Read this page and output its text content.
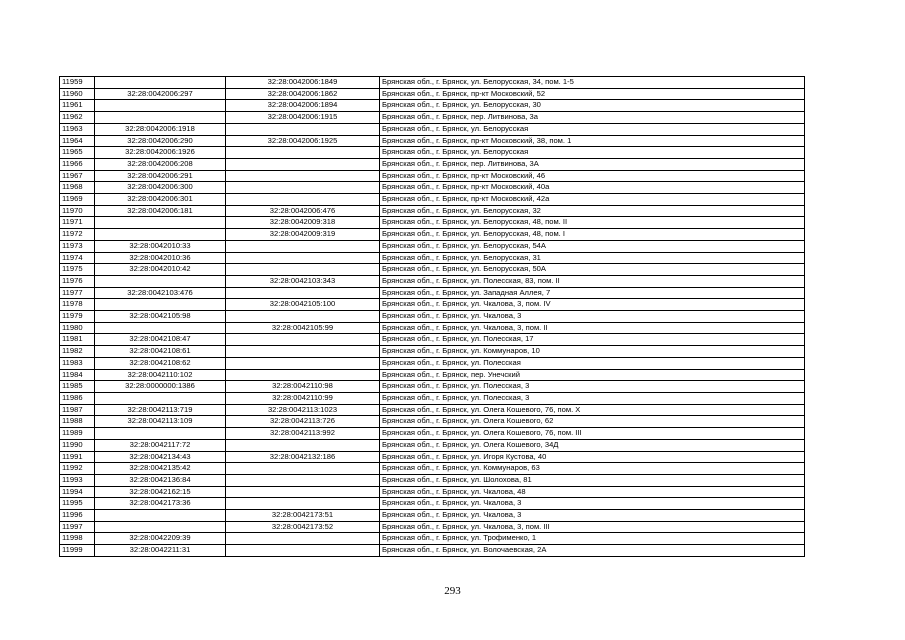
11959		32:28:0042006:1849	Брянская обл., г. Брянск, ул. Белорусская, 34, пом. 1-5
11960	32:28:0042006:297	32:28:0042006:1862	Брянская обл., г. Брянск, пр-кт Московский, 52
11961		32:28:0042006:1894	Брянская обл., г. Брянск, ул. Белорусская, 30
11962		32:28:0042006:1915	Брянская обл., г. Брянск, пер. Литвинова, 3а
11963	32:28:0042006:1918		Брянская обл., г. Брянск, ул. Белорусская
11964	32:28:0042006:290	32:28:0042006:1925	Брянская обл., г. Брянск, пр-кт Московский, 38, пом. 1
11965	32:28:0042006:1926		Брянская обл., г. Брянск, ул. Белорусская
11966	32:28:0042006:208		Брянская обл., г. Брянск, пер. Литвинова, 3А
11967	32:28:0042006:291		Брянская обл., г. Брянск, пр-кт Московский, 46
11968	32:28:0042006:300		Брянская обл., г. Брянск, пр-кт Московский, 40а
11969	32:28:0042006:301		Брянская обл., г. Брянск, пр-кт Московский, 42а
11970	32:28:0042006:181	32:28:0042006:476	Брянская обл., г. Брянск, ул. Белорусская, 32
11971		32:28:0042009:318	Брянская обл., г. Брянск, ул. Белорусская, 48, пом. II
11972		32:28:0042009:319	Брянская обл., г. Брянск, ул. Белорусская, 48, пом. I
11973	32:28:0042010:33		Брянская обл., г. Брянск, ул. Белорусская, 54А
11974	32:28:0042010:36		Брянская обл., г. Брянск, ул. Белорусская, 31
11975	32:28:0042010:42		Брянская обл., г. Брянск, ул. Белорусская, 50А
11976		32:28:0042103:343	Брянская обл., г. Брянск, ул. Полесская, 83, пом. II
11977	32:28:0042103:476		Брянская обл., г. Брянск, ул. Западная Аллея, 7
11978		32:28:0042105:100	Брянская обл., г. Брянск, ул. Чкалова, 3, пом. IV
11979	32:28:0042105:98		Брянская обл., г. Брянск, ул. Чкалова, 3
11980		32:28:0042105:99	Брянская обл., г. Брянск, ул. Чкалова, 3, пом. II
11981	32:28:0042108:47		Брянская обл., г. Брянск, ул. Полесская, 17
11982	32:28:0042108:61		Брянская обл., г. Брянск, ул. Коммунаров, 10
11983	32:28:0042108:62		Брянская обл., г. Брянск, ул. Полесская
11984	32:28:0042110:102		Брянская обл., г. Брянск, пер. Унечский
11985	32:28:0000000:1386	32:28:0042110:98	Брянская обл., г. Брянск, ул. Полесская, 3
11986		32:28:0042110:99	Брянская обл., г. Брянск, ул. Полесская, 3
11987	32:28:0042113:719	32:28:0042113:1023	Брянская обл., г. Брянск, ул. Олега Кошевого, 76, пом. X
11988	32:28:0042113:109	32:28:0042113:726	Брянская обл., г. Брянск, ул. Олега Кошевого, 62
11989		32:28:0042113:992	Брянская обл., г. Брянск, ул. Олега Кошевого, 76, пом. III
11990	32:28:0042117:72		Брянская обл., г. Брянск, ул. Олега Кошевого, 34Д
11991	32:28:0042134:43	32:28:0042132:186	Брянская обл., г. Брянск, ул. Игоря Кустова, 40
11992	32:28:0042135:42		Брянская обл., г. Брянск, ул. Коммунаров, 63
11993	32:28:0042136:84		Брянская обл., г. Брянск, ул. Шолохова, 81
11994	32:28:0042162:15		Брянская обл., г. Брянск, ул. Чкалова, 48
11995	32:28:0042173:36		Брянская обл., г. Брянск, ул. Чкалова, 3
11996		32:28:0042173:51	Брянская обл., г. Брянск, ул. Чкалова, 3
11997		32:28:0042173:52	Брянская обл., г. Брянск, ул. Чкалова, 3, пом. III
11998	32:28:0042209:39		Брянская обл., г. Брянск, ул. Трофименко, 1
11999	32:28:0042211:31		Брянская обл., г. Брянск, ул. Волочаевская, 2А
293
